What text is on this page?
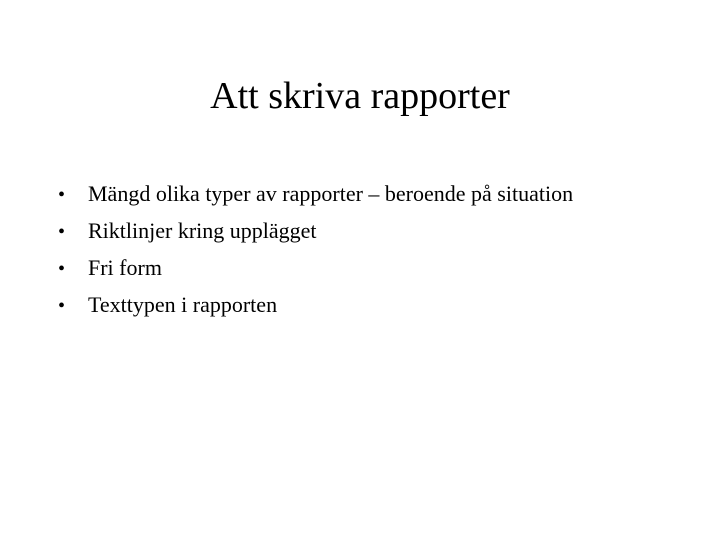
Att skriva rapporter
•	Mängd olika typer av rapporter – beroende på situation
•	Riktlinjer kring upplägget
•	Fri form
•	Texttypen i rapporten
